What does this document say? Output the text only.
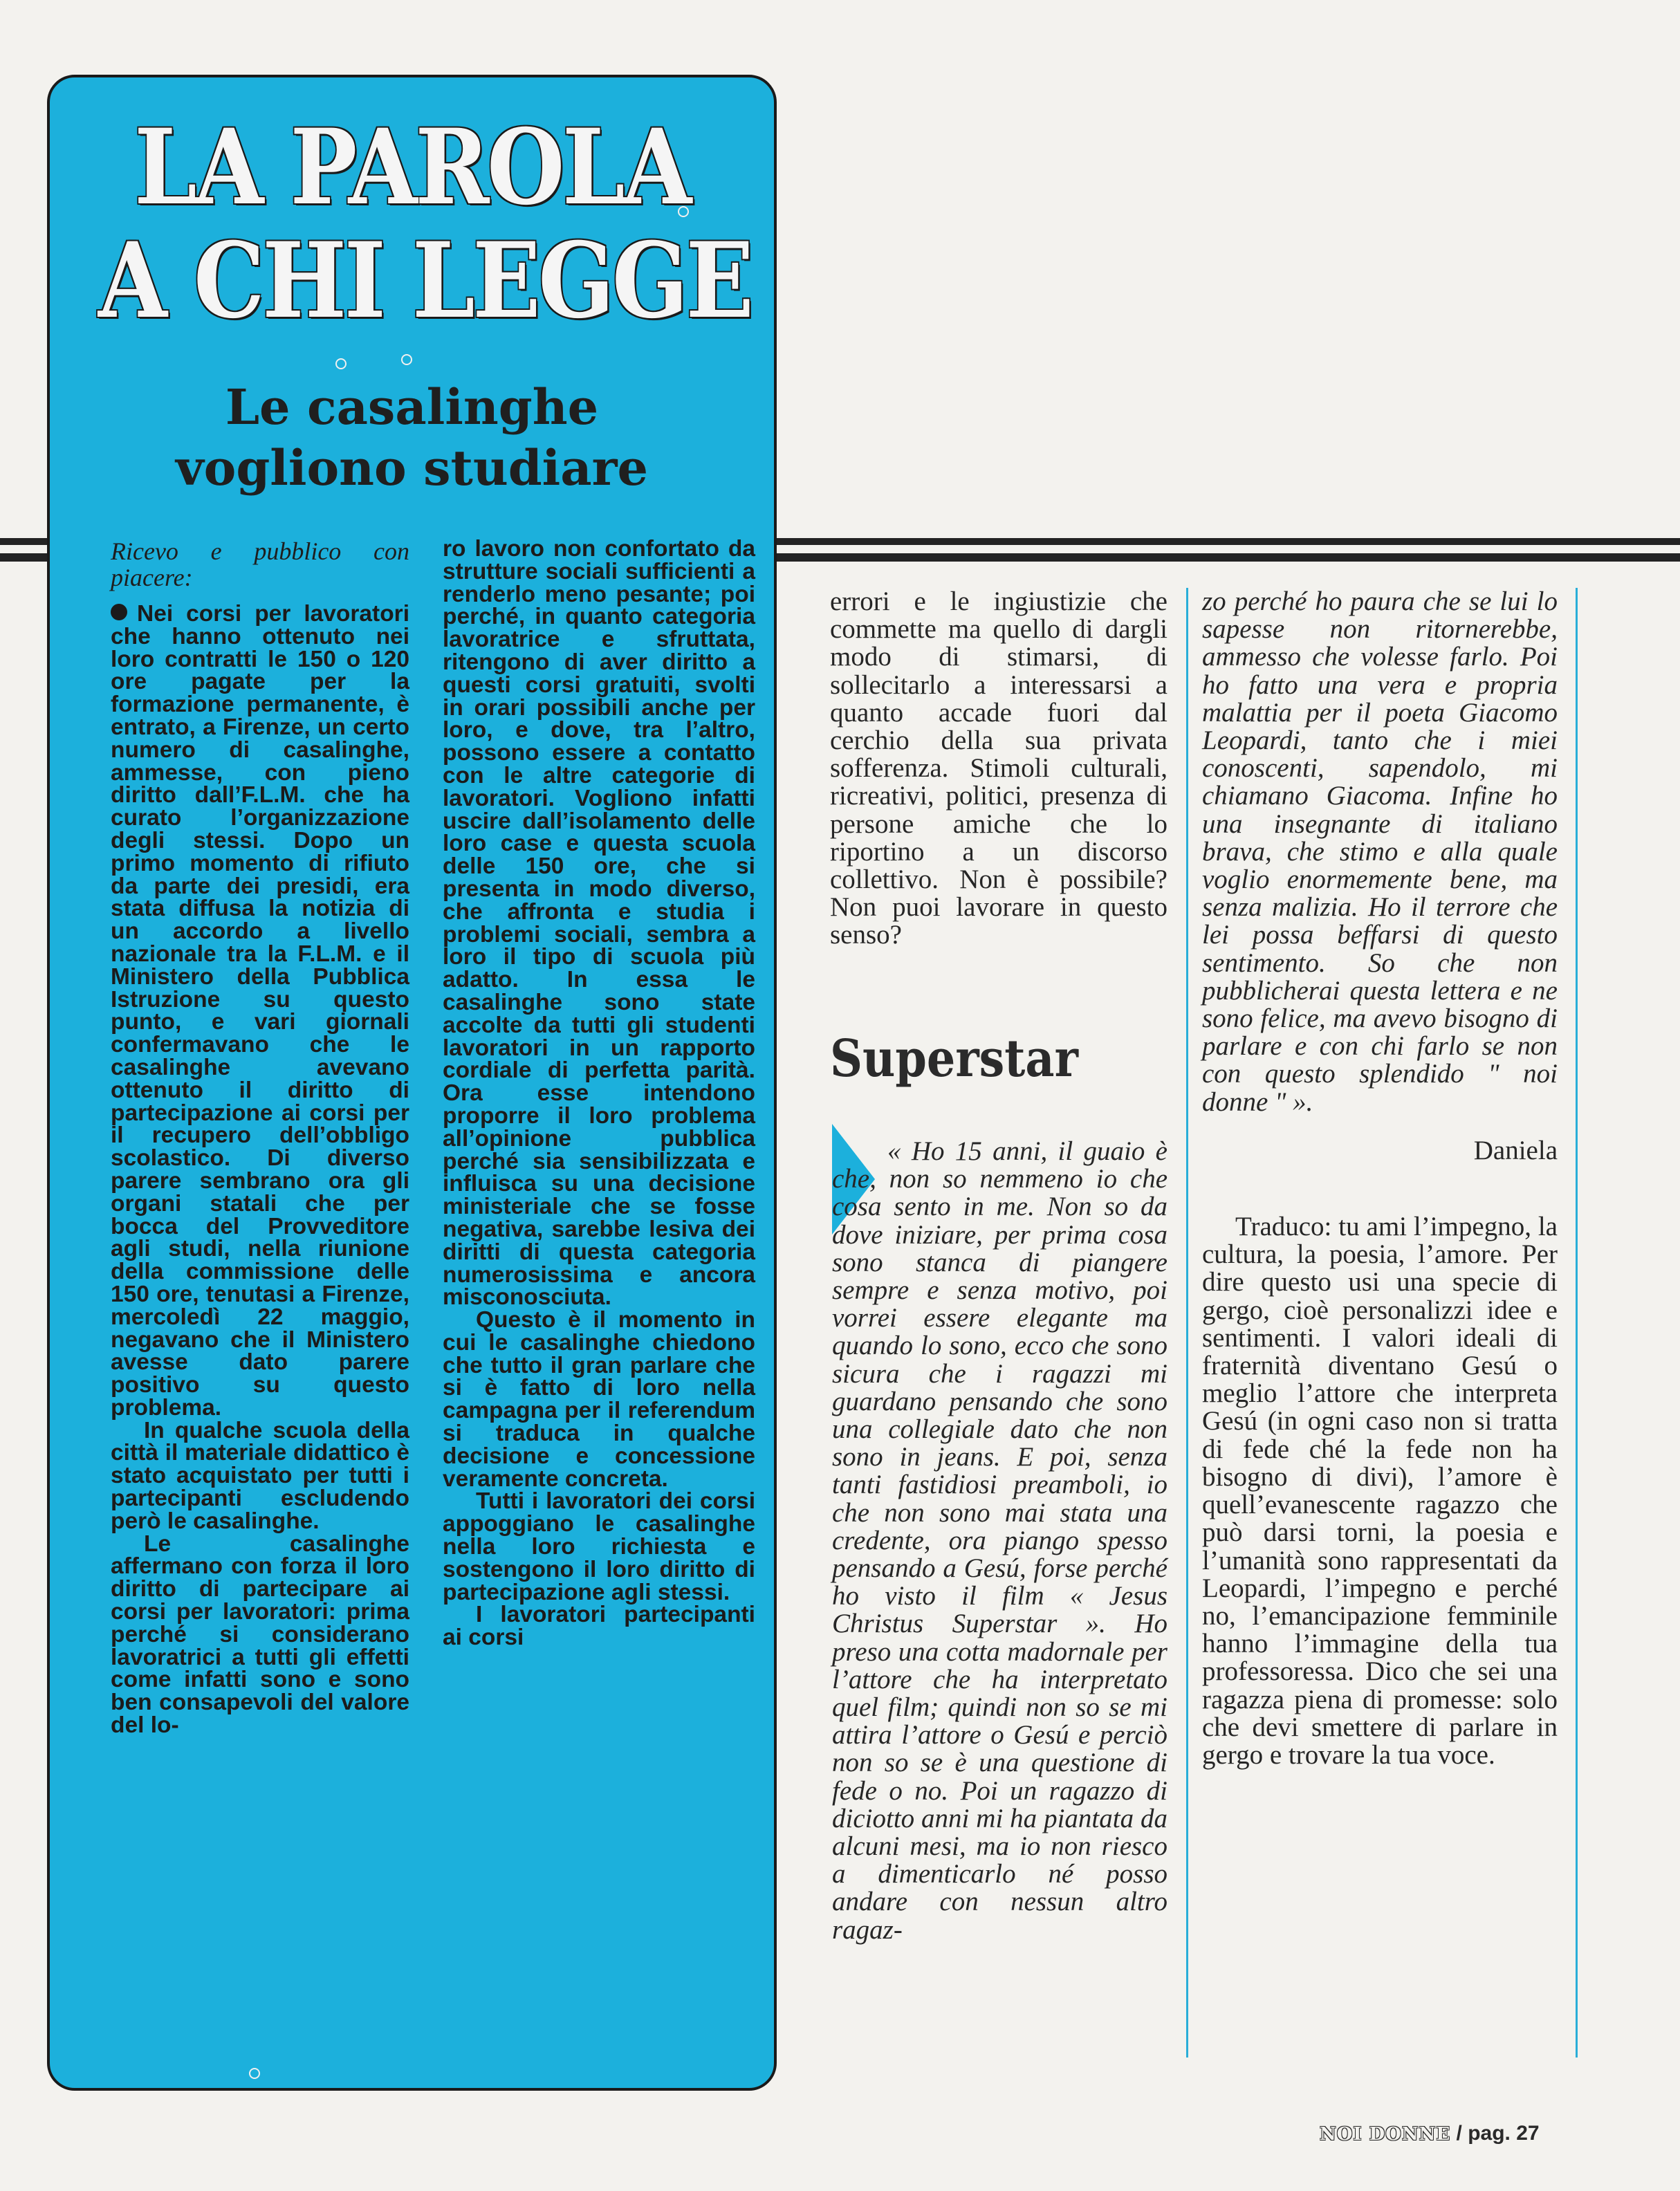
LA PAROLA
A CHI LEGGE
Le casalinghe
vogliono studiare

Ricevo e pubblico con piacere:

Nei corsi per lavoratori che hanno ottenuto nei loro contratti le 150 o 120 ore pagate per la formazione permanente, è entrato, a Firenze, un certo numero di casalinghe, ammesse, con pieno diritto dall’F.L.M. che ha curato l’organizzazione degli stessi. Dopo un primo momento di rifiuto da parte dei presidi, era stata diffusa la notizia di un accordo a livello nazionale tra la F.L.M. e il Ministero della Pubblica Istruzione su questo punto, e vari giornali confermavano che le casalinghe avevano ottenuto il diritto di partecipazione ai corsi per il recupero dell’obbligo scolastico. Di diverso parere sembrano ora gli organi statali che per bocca del Provveditore agli studi, nella riunione della commissione delle 150 ore, tenutasi a Firenze, mercoledì 22 maggio, negavano che il Ministero avesse dato parere positivo su questo problema.

In qualche scuola della città il materiale didattico è stato acquistato per tutti i partecipanti escludendo però le casalinghe.

Le casalinghe affermano con forza il loro diritto di partecipare ai corsi per lavoratori: prima perché si considerano lavoratrici a tutti gli effetti come infatti sono e sono ben consapevoli del valore del lo-

ro lavoro non confortato da strutture sociali sufficienti a renderlo meno pesante; poi perché, in quanto categoria lavoratrice e sfruttata, ritengono di aver diritto a questi corsi gratuiti, svolti in orari possibili anche per loro, e dove, tra l’altro, possono essere a contatto con le altre categorie di lavoratori. Vogliono infatti uscire dall’isolamento delle loro case e questa scuola delle 150 ore, che si presenta in modo diverso, che affronta e studia i problemi sociali, sembra a loro il tipo di scuola più adatto. In essa le casalinghe sono state accolte da tutti gli studenti lavoratori in un rapporto cordiale di perfetta parità. Ora esse intendono proporre il loro problema all’opinione pubblica perché sia sensibilizzata e influisca su una decisione ministeriale che se fosse negativa, sarebbe lesiva dei diritti di questa categoria numerosissima e ancora misconosciuta.

Questo è il momento in cui le casalinghe chiedono che tutto il gran parlare che si è fatto di loro nella campagna per il referendum si traduca in qualche decisione e concessione veramente concreta.

Tutti i lavoratori dei corsi appoggiano le casalinghe nella loro richiesta e sostengono il loro diritto di partecipazione agli stessi.

I lavoratori partecipanti ai corsi

errori e le ingiustizie che commette ma quello di dargli modo di stimarsi, di sollecitarlo a interessarsi a quanto accade fuori dal cerchio della sua privata sofferenza. Stimoli culturali, ricreativi, politici, presenza di persone amiche che lo riportino a un discorso collettivo. Non è possibile? Non puoi lavorare in questo senso?

Superstar

« Ho 15 anni, il guaio è che, non so nemmeno io che cosa sento in me. Non so da dove iniziare, per prima cosa sono stanca di piangere sempre e senza motivo, poi vorrei essere elegante ma quando lo sono, ecco che sono sicura che i ragazzi mi guardano pensando che sono una collegiale dato che non sono in jeans. E poi, senza tanti fastidiosi preamboli, io che non sono mai stata una credente, ora piango spesso pensando a Gesú, forse perché ho visto il film « Jesus Christus Superstar ». Ho preso una cotta madornale per l’attore che ha interpretato quel film; quindi non so se mi attira l’attore o Gesú e perciò non so se è una questione di fede o no. Poi un ragazzo di diciotto anni mi ha piantata da alcuni mesi, ma io non riesco a dimenticarlo né posso andare con nessun altro ragaz-

zo perché ho paura che se lui lo sapesse non ritornerebbe, ammesso che volesse farlo. Poi ho fatto una vera e propria malattia per il poeta Giacomo Leopardi, tanto che i miei conoscenti, sapendolo, mi chiamano Giacoma. Infine ho una insegnante di italiano brava, che stimo e alla quale voglio enormemente bene, ma senza malizia. Ho il terrore che lei possa beffarsi di questo sentimento. So che non pubblicherai questa lettera e ne sono felice, ma avevo bisogno di parlare e con chi farlo se non con questo splendido " noi donne " ».

Daniela

Traduco: tu ami l’impegno, la cultura, la poesia, l’amore. Per dire questo usi una specie di gergo, cioè personalizzi idee e sentimenti. I valori ideali di fraternità diventano Gesú o meglio l’attore che interpreta Gesú (in ogni caso non si tratta di fede ché la fede non ha bisogno di divi), l’amore è quell’evanescente ragazzo che può darsi torni, la poesia e l’umanità sono rappresentati da Leopardi, l’impegno e perché no, l’emancipazione femminile hanno l’immagine della tua professoressa. Dico che sei una ragazza piena di promesse: solo che devi smettere di parlare in gergo e trovare la tua voce.

NOI DONNE / pag. 27
